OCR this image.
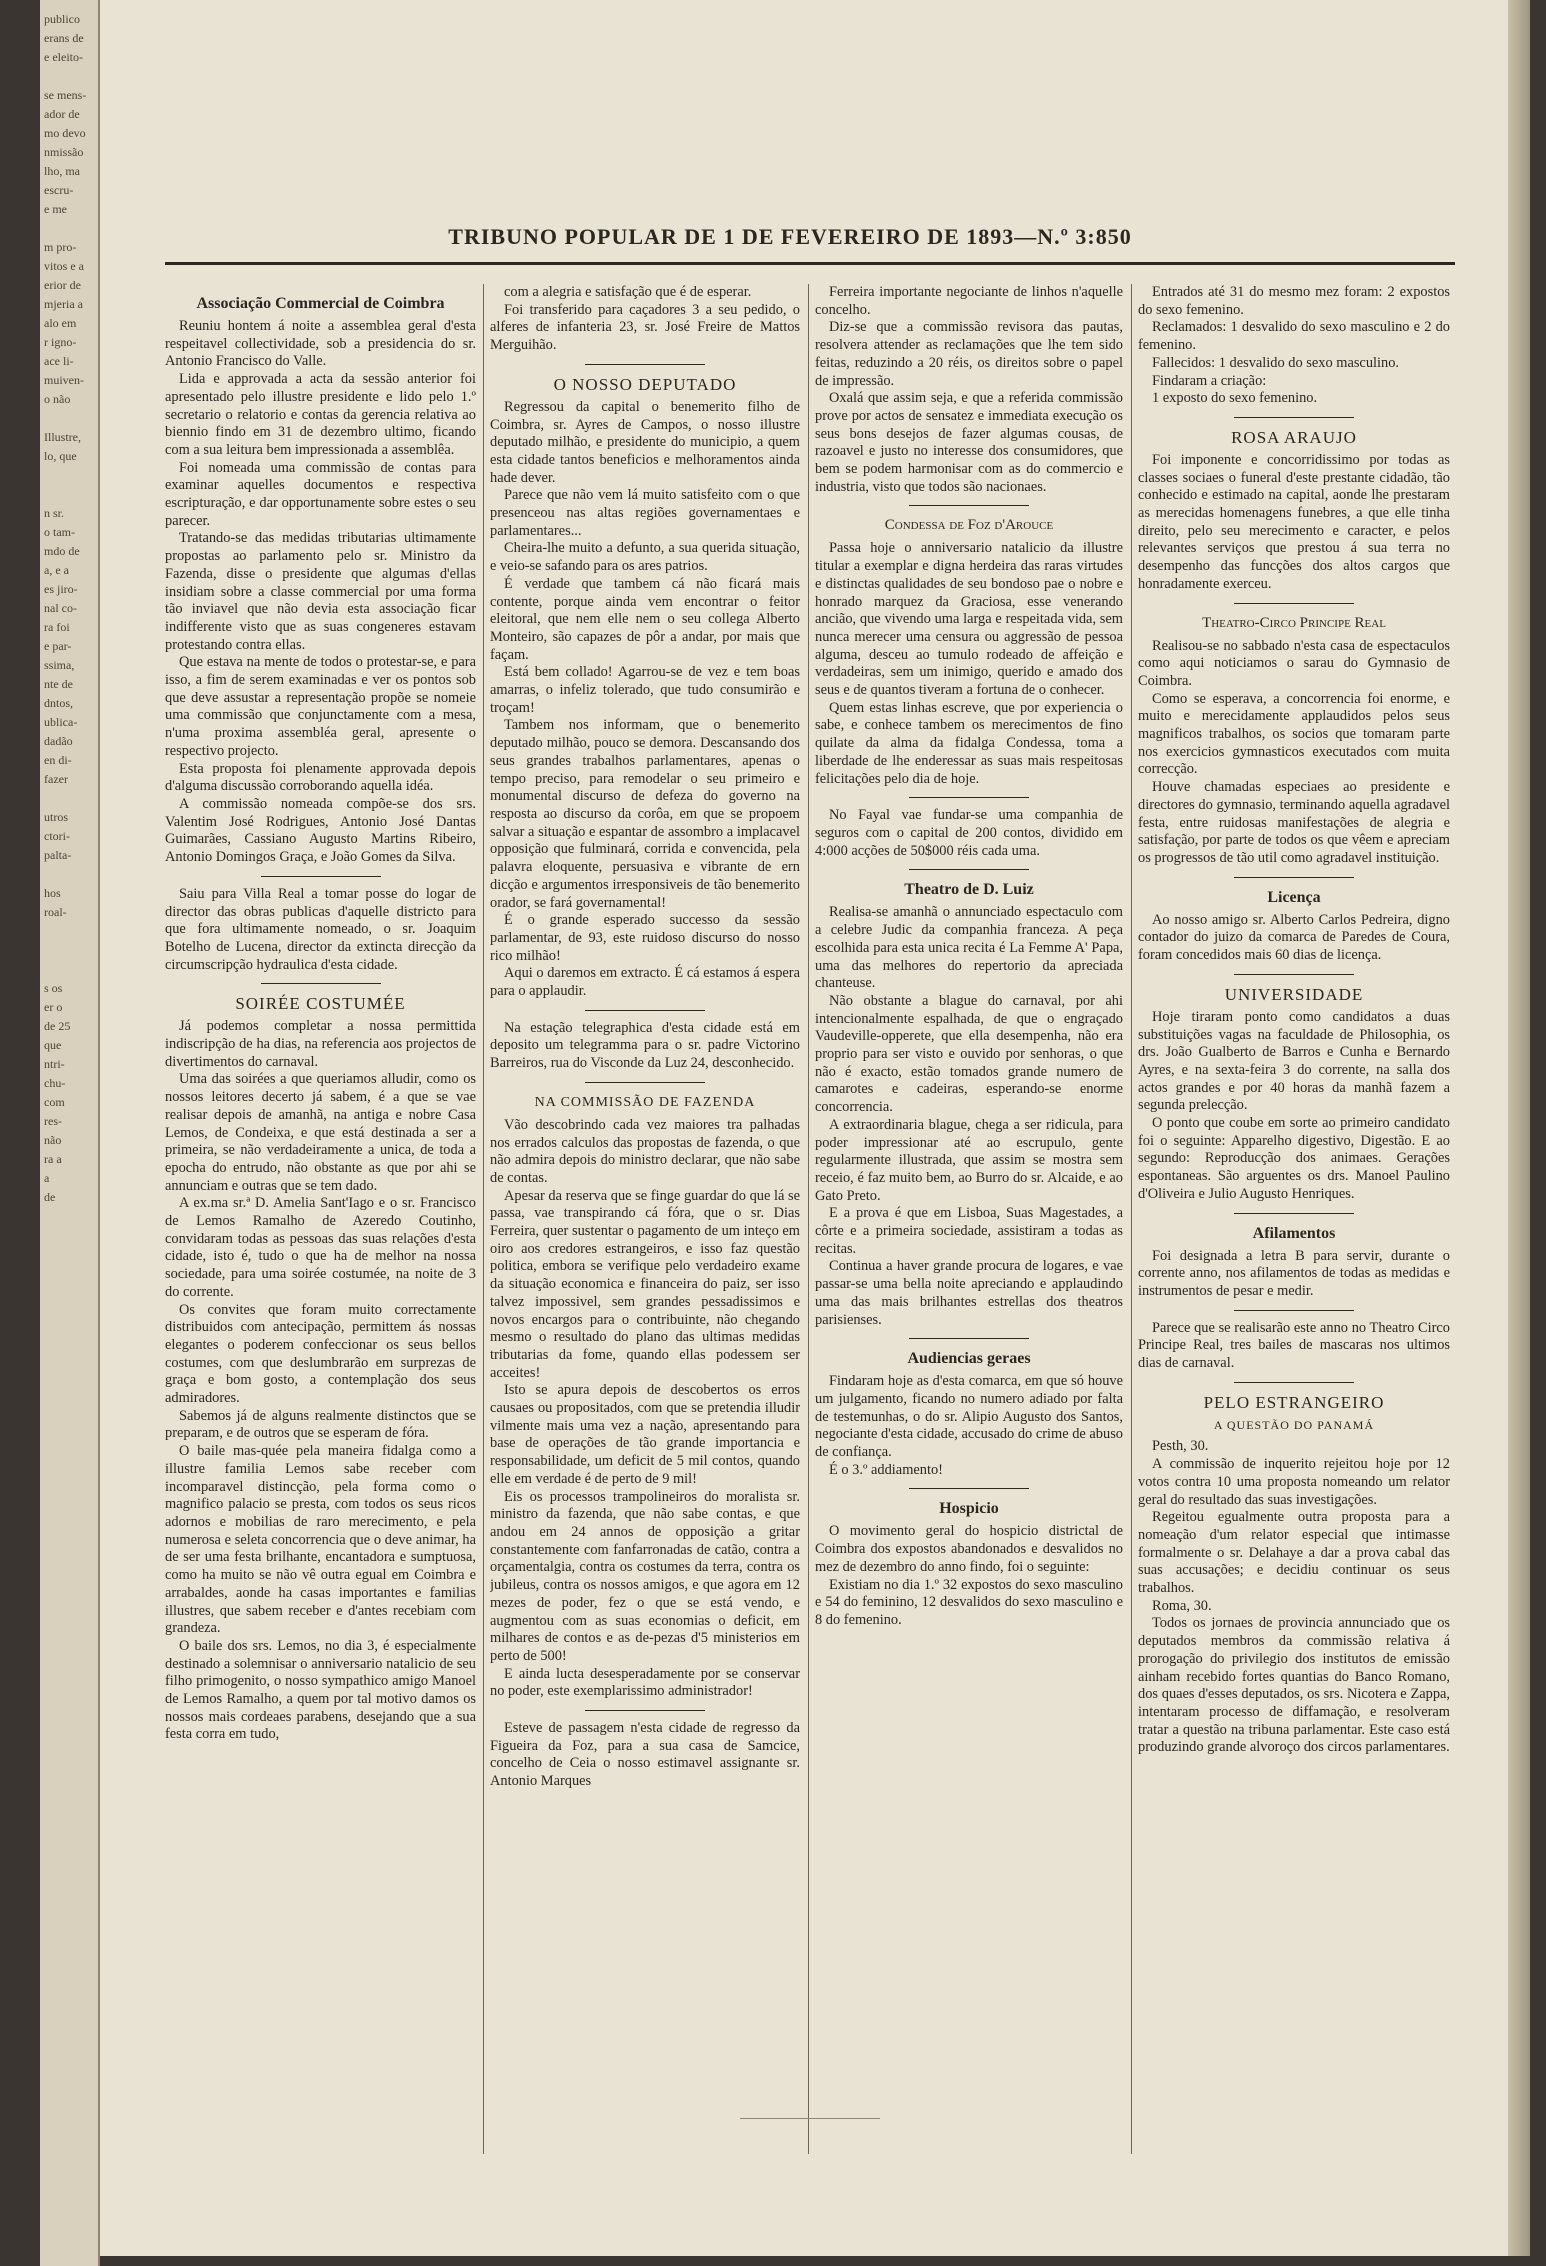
publico
erans de
e eleito-

se mens-
ador de
mo devo
nmissão
lho, ma
escru-
e me

m pro-
vitos e a
erior de
mjeria a
alo em
r igno-
ace li-
muiven-
o não

Illustre,
lo, que

n sr.
o tam-
mdo de
a, e a
es jiro-
nal co-
ra foi
e par-
ssima,
nte de
dntos,
ublica-
dadão
en di-
fazer

utros
ctori-
palta-

hos
roal-

s os
er o
de 25
que
ntri-
chu-
com
res-
não
ra a
a
de
TRIBUNO POPULAR DE 1 DE FEVEREIRO DE 1893—N.º 3:850
Associação Commercial de Coimbra

Reuniu hontem á noite a assemblea geral d'esta respeitavel collectividade, sob a presidencia do sr. Antonio Francisco do Valle.

Lida e approvada a acta da sessão anterior foi apresentado pelo illustre presidente e lido pelo 1.º secretario o relatorio e contas da gerencia relativa ao biennio findo em 31 de dezembro ultimo, ficando com a sua leitura bem impressionada a assemblêa.

Foi nomeada uma commissão de contas para examinar aquelles documentos e respectiva escripturação, e dar opportunamente sobre estes o seu parecer.

Tratando-se das medidas tributarias ultimamente propostas ao parlamento pelo sr. Ministro da Fazenda, disse o presidente que algumas d'ellas insidiam sobre a classe commercial por uma forma tão inviavel que não devia esta associação ficar indifferente visto que as suas congeneres estavam protestando contra ellas.

Que estava na mente de todos o protestar-se, e para isso, a fim de serem examinadas e ver os pontos sob que deve assustar a representação propõe se nomeie uma commissão que conjunctamente com a mesa, n'uma proxima assembléa geral, apresente o respectivo projecto.

Esta proposta foi plenamente approvada depois d'alguma discussão corroborando aquella idéa.

A commissão nomeada compõe-se dos srs. Valentim José Rodrigues, Antonio José Dantas Guimarães, Cassiano Augusto Martins Ribeiro, Antonio Domingos Graça, e João Gomes da Silva.

Saiu para Villa Real a tomar posse do logar de director das obras publicas d'aquelle districto para que fora ultimamente nomeado, o sr. Joaquim Botelho de Lucena, director da extincta direcção da circumscripção hydraulica d'esta cidade.

SOIRÉE COSTUMÉE

Já podemos completar a nossa permittida indiscripção de ha dias, na referencia aos projectos de divertimentos do carnaval.

Uma das soirées a que queriamos alludir, como os nossos leitores decerto já sabem, é a que se vae realisar depois de amanhã, na antiga e nobre Casa Lemos, de Condeixa, e que está destinada a ser a primeira, se não verdadeiramente a unica, de toda a epocha do entrudo, não obstante as que por ahi se annunciam e outras que se tem dado.

A ex.ma sr.ª D. Amelia Sant'Iago e o sr. Francisco de Lemos Ramalho de Azeredo Coutinho, convidaram todas as pessoas das suas relações d'esta cidade, isto é, tudo o que ha de melhor na nossa sociedade, para uma soirée costumée, na noite de 3 do corrente.

Os convites que foram muito correctamente distribuidos com antecipação, permittem ás nossas elegantes o poderem confeccionar os seus bellos costumes, com que deslumbrarão em surprezas de graça e bom gosto, a contemplação dos seus admiradores.

Sabemos já de alguns realmente distinctos que se preparam, e de outros que se esperam de fóra.

O baile mas-quée pela maneira fidalga como a illustre familia Lemos sabe receber com incomparavel distincção, pela forma como o magnifico palacio se presta, com todos os seus ricos adornos e mobilias de raro merecimento, e pela numerosa e seleta concorrencia que o deve animar, ha de ser uma festa brilhante, encantadora e sumptuosa, como ha muito se não vê outra egual em Coimbra e arrabaldes, aonde ha casas importantes e familias illustres, que sabem receber e d'antes recebiam com grandeza.

O baile dos srs. Lemos, no dia 3, é especialmente destinado a solemnisar o anniversario natalicio de seu filho primogenito, o nosso sympathico amigo Manoel de Lemos Ramalho, a quem por tal motivo damos os nossos mais cordeaes parabens, desejando que a sua festa corra em tudo,

com a alegria e satisfação que é de esperar.

Foi transferido para caçadores 3 a seu pedido, o alferes de infanteria 23, sr. José Freire de Mattos Merguihão.

O NOSSO DEPUTADO

Regressou da capital o benemerito filho de Coimbra, sr. Ayres de Campos, o nosso illustre deputado milhão, e presidente do municipio, a quem esta cidade tantos beneficios e melhoramentos ainda hade dever.

Parece que não vem lá muito satisfeito com o que presenceou nas altas regiões governamentaes e parlamentares...

Cheira-lhe muito a defunto, a sua querida situação, e veio-se safando para os ares patrios.

É verdade que tambem cá não ficará mais contente, porque ainda vem encontrar o feitor eleitoral, que nem elle nem o seu collega Alberto Monteiro, são capazes de pôr a andar, por mais que façam.

Está bem collado! Agarrou-se de vez e tem boas amarras, o infeliz tolerado, que tudo consumirão e troçam!

Tambem nos informam, que o benemerito deputado milhão, pouco se demora. Descansando dos seus grandes trabalhos parlamentares, apenas o tempo preciso, para remodelar o seu primeiro e monumental discurso de defeza do governo na resposta ao discurso da corôa, em que se propoem salvar a situação e espantar de assombro a implacavel opposição que fulminará, corrida e convencida, pela palavra eloquente, persuasiva e vibrante de ern dicção e argumentos irresponsiveis de tão benemerito orador, se fará governamental!

É o grande esperado successo da sessão parlamentar, de 93, este ruidoso discurso do nosso rico milhão!

Aqui o daremos em extracto. É cá estamos á espera para o applaudir.

Na estação telegraphica d'esta cidade está em deposito um telegramma para o sr. padre Victorino Barreiros, rua do Visconde da Luz 24, desconhecido.

NA COMMISSÃO DE FAZENDA

Vão descobrindo cada vez maiores tra palhadas nos errados calculos das propostas de fazenda, o que não admira depois do ministro declarar, que não sabe de contas.

Apesar da reserva que se finge guardar do que lá se passa, vae transpirando cá fóra, que o sr. Dias Ferreira, quer sustentar o pagamento de um inteço em oiro aos credores estrangeiros, e isso faz questão politica, embora se verifique pelo verdadeiro exame da situação economica e financeira do paiz, ser isso talvez impossivel, sem grandes pessadissimos e novos encargos para o contribuinte, não chegando mesmo o resultado do plano das ultimas medidas tributarias da fome, quando ellas podessem ser acceites!

Isto se apura depois de descobertos os erros causaes ou propositados, com que se pretendia illudir vilmente mais uma vez a nação, apresentando para base de operações de tão grande importancia e responsabilidade, um deficit de 5 mil contos, quando elle em verdade é de perto de 9 mil!

Eis os processos trampolineiros do moralista sr. ministro da fazenda, que não sabe contas, e que andou em 24 annos de opposição a gritar constantemente com fanfarronadas de catão, contra a orçamentalgia, contra os costumes da terra, contra os jubileus, contra os nossos amigos, e que agora em 12 mezes de poder, fez o que se está vendo, e augmentou com as suas economias o deficit, em milhares de contos e as de-pezas d'5 ministerios em perto de 500!

E ainda lucta desesperadamente por se conservar no poder, este exemplarissimo administrador!

Esteve de passagem n'esta cidade de regresso da Figueira da Foz, para a sua casa de Samcice, concelho de Ceia o nosso estimavel assignante sr. Antonio Marques

Ferreira importante negociante de linhos n'aquelle concelho.

Diz-se que a commissão revisora das pautas, resolvera attender as reclamações que lhe tem sido feitas, reduzindo a 20 réis, os direitos sobre o papel de impressão.

Oxalá que assim seja, e que a referida commissão prove por actos de sensatez e immediata execução os seus bons desejos de fazer algumas cousas, de razoavel e justo no interesse dos consumidores, que bem se podem harmonisar com as do commercio e industria, visto que todos são nacionaes.

Condessa de Foz d'Arouce

Passa hoje o anniversario natalicio da illustre titular a exemplar e digna herdeira das raras virtudes e distinctas qualidades de seu bondoso pae o nobre e honrado marquez da Graciosa, esse venerando ancião, que vivendo uma larga e respeitada vida, sem nunca merecer uma censura ou aggressão de pessoa alguma, desceu ao tumulo rodeado de affeição e verdadeiras, sem um inimigo, querido e amado dos seus e de quantos tiveram a fortuna de o conhecer.

Quem estas linhas escreve, que por experiencia o sabe, e conhece tambem os merecimentos de fino quilate da alma da fidalga Condessa, toma a liberdade de lhe enderessar as suas mais respeitosas felicitações pelo dia de hoje.

No Fayal vae fundar-se uma companhia de seguros com o capital de 200 contos, dividido em 4:000 acções de 50$000 réis cada uma.

Theatro de D. Luiz

Realisa-se amanhã o annunciado espectaculo com a celebre Judic da companhia franceza. A peça escolhida para esta unica recita é La Femme A' Papa, uma das melhores do repertorio da apreciada chanteuse.

Não obstante a blague do carnaval, por ahi intencionalmente espalhada, de que o engraçado Vaudeville-opperete, que ella desempenha, não era proprio para ser visto e ouvido por senhoras, o que não é exacto, estão tomados grande numero de camarotes e cadeiras, esperando-se enorme concorrencia.

A extraordinaria blague, chega a ser ridicula, para poder impressionar até ao escrupulo, gente regularmente illustrada, que assim se mostra sem receio, é faz muito bem, ao Burro do sr. Alcaide, e ao Gato Preto.

E a prova é que em Lisboa, Suas Magestades, a côrte e a primeira sociedade, assistiram a todas as recitas.

Continua a haver grande procura de logares, e vae passar-se uma bella noite apreciando e applaudindo uma das mais brilhantes estrellas dos theatros parisienses.

Audiencias geraes

Findaram hoje as d'esta comarca, em que só houve um julgamento, ficando no numero adiado por falta de testemunhas, o do sr. Alipio Augusto dos Santos, negociante d'esta cidade, accusado do crime de abuso de confiança.

É o 3.º addiamento!

Hospicio

O movimento geral do hospicio districtal de Coimbra dos expostos abandonados e desvalidos no mez de dezembro do anno findo, foi o seguinte:

Existiam no dia 1.º 32 expostos do sexo masculino e 54 do feminino, 12 desvalidos do sexo masculino e 8 do femenino.

Entrados até 31 do mesmo mez foram: 2 expostos do sexo femenino.

Reclamados: 1 desvalido do sexo masculino e 2 do femenino.

Fallecidos: 1 desvalido do sexo masculino.

Findaram a criação:

1 exposto do sexo femenino.

ROSA ARAUJO

Foi imponente e concorridissimo por todas as classes sociaes o funeral d'este prestante cidadão, tão conhecido e estimado na capital, aonde lhe prestaram as merecidas homenagens funebres, a que elle tinha direito, pelo seu merecimento e caracter, e pelos relevantes serviços que prestou á sua terra no desempenho das funcções dos altos cargos que honradamente exerceu.

Theatro-Circo Principe Real

Realisou-se no sabbado n'esta casa de espectaculos como aqui noticiamos o sarau do Gymnasio de Coimbra.

Como se esperava, a concorrencia foi enorme, e muito e merecidamente applaudidos pelos seus magnificos trabalhos, os socios que tomaram parte nos exercicios gymnasticos executados com muita correcção.

Houve chamadas especiaes ao presidente e directores do gymnasio, terminando aquella agradavel festa, entre ruidosas manifestações de alegria e satisfação, por parte de todos os que vêem e apreciam os progressos de tão util como agradavel instituição.

Licença

Ao nosso amigo sr. Alberto Carlos Pedreira, digno contador do juizo da comarca de Paredes de Coura, foram concedidos mais 60 dias de licença.

UNIVERSIDADE

Hoje tiraram ponto como candidatos a duas substituições vagas na faculdade de Philosophia, os drs. João Gualberto de Barros e Cunha e Bernardo Ayres, e na sexta-feira 3 do corrente, na salla dos actos grandes e por 40 horas da manhã fazem a segunda prelecção.

O ponto que coube em sorte ao primeiro candidato foi o seguinte: Apparelho digestivo, Digestão. E ao segundo: Reproducção dos animaes. Gerações espontaneas. São arguentes os drs. Manoel Paulino d'Oliveira e Julio Augusto Henriques.

Afilamentos

Foi designada a letra B para servir, durante o corrente anno, nos afilamentos de todas as medidas e instrumentos de pesar e medir.

Parece que se realisarão este anno no Theatro Circo Principe Real, tres bailes de mascaras nos ultimos dias de carnaval.

PELO ESTRANGEIRO
A QUESTÃO DO PANAMÁ

Pesth, 30.

A commissão de inquerito rejeitou hoje por 12 votos contra 10 uma proposta nomeando um relator geral do resultado das suas investigações.

Regeitou egualmente outra proposta para a nomeação d'um relator especial que intimasse formalmente o sr. Delahaye a dar a prova cabal das suas accusações; e decidiu continuar os seus trabalhos.

Roma, 30.

Todos os jornaes de provincia annunciado que os deputados membros da commissão relativa á prorogação do privilegio dos institutos de emissão ainham recebido fortes quantias do Banco Romano, dos quaes d'esses deputados, os srs. Nicotera e Zappa, intentaram processo de diffamação, e resolveram tratar a questão na tribuna parlamentar. Este caso está produzindo grande alvoroço dos circos parlamentares.
